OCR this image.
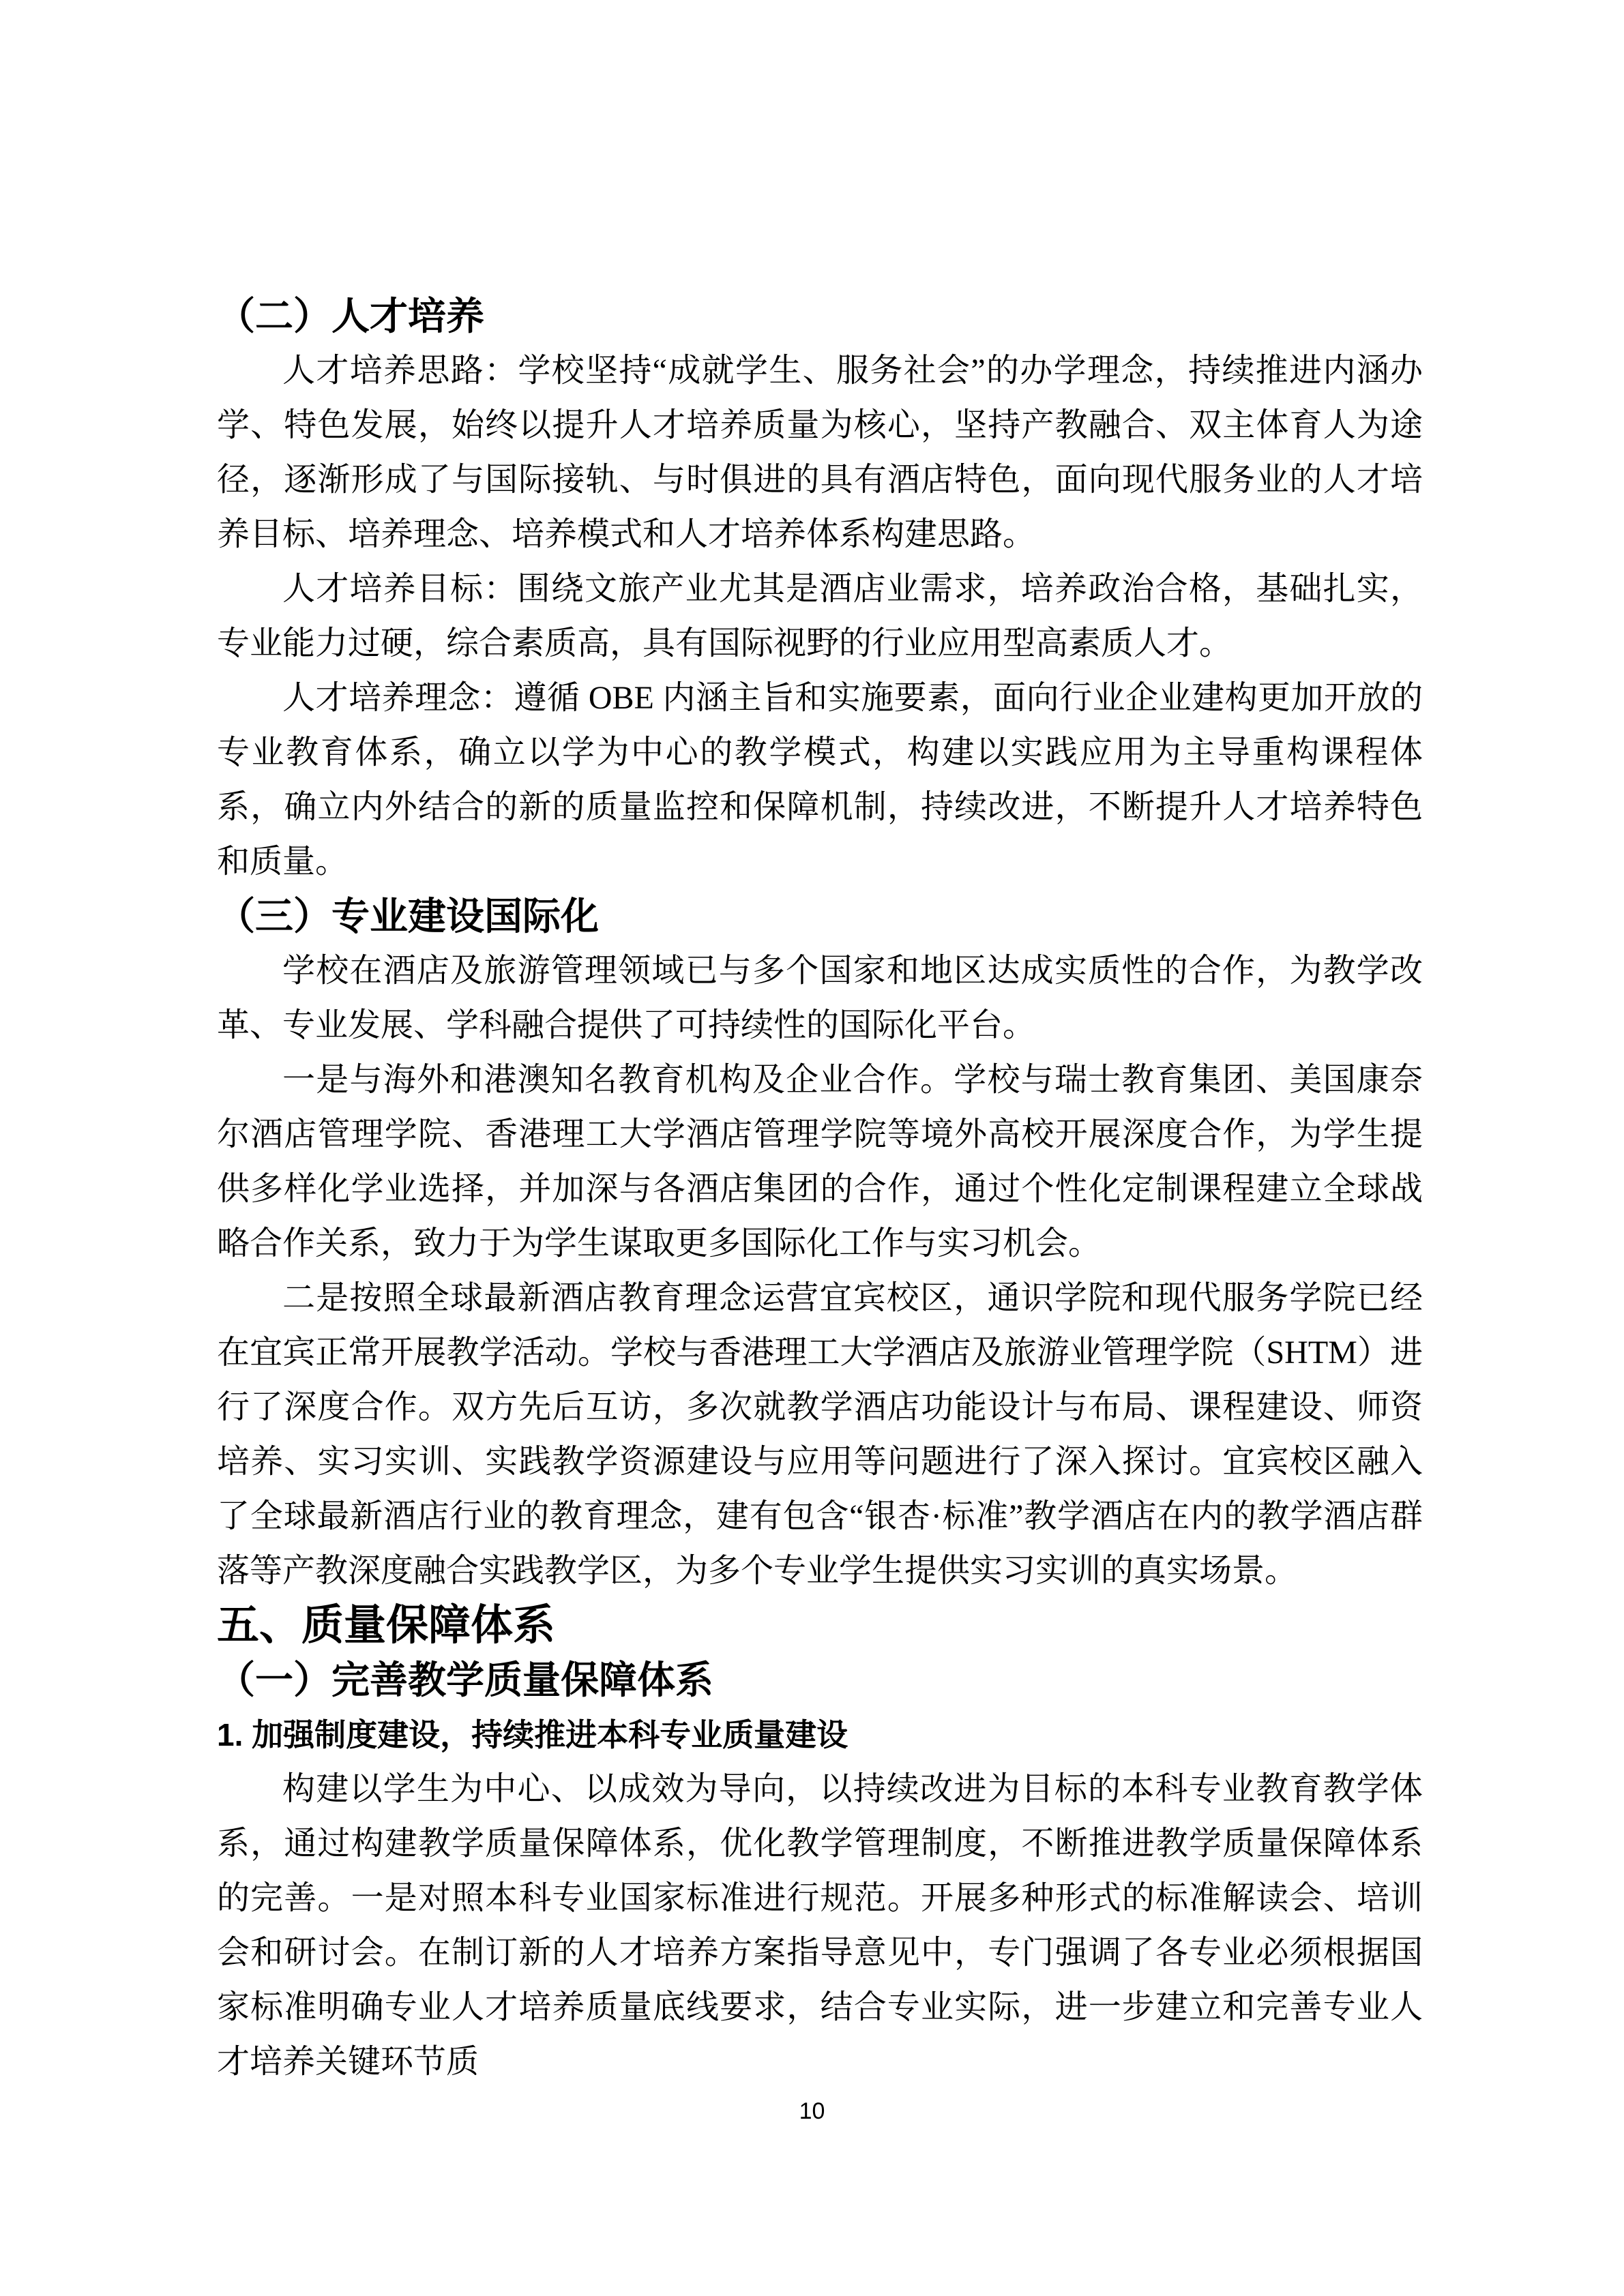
（二）人才培养

人才培养思路：学校坚持“成就学生、服务社会”的办学理念，持续推进内涵办学、特色发展，始终以提升人才培养质量为核心，坚持产教融合、双主体育人为途径，逐渐形成了与国际接轨、与时俱进的具有酒店特色，面向现代服务业的人才培养目标、培养理念、培养模式和人才培养体系构建思路。

人才培养目标：围绕文旅产业尤其是酒店业需求，培养政治合格，基础扎实，专业能力过硬，综合素质高，具有国际视野的行业应用型高素质人才。

人才培养理念：遵循 OBE 内涵主旨和实施要素，面向行业企业建构更加开放的专业教育体系，确立以学为中心的教学模式，构建以实践应用为主导重构课程体系，确立内外结合的新的质量监控和保障机制，持续改进，不断提升人才培养特色和质量。

（三）专业建设国际化

学校在酒店及旅游管理领域已与多个国家和地区达成实质性的合作，为教学改革、专业发展、学科融合提供了可持续性的国际化平台。

一是与海外和港澳知名教育机构及企业合作。学校与瑞士教育集团、美国康奈尔酒店管理学院、香港理工大学酒店管理学院等境外高校开展深度合作，为学生提供多样化学业选择，并加深与各酒店集团的合作，通过个性化定制课程建立全球战略合作关系，致力于为学生谋取更多国际化工作与实习机会。

二是按照全球最新酒店教育理念运营宜宾校区，通识学院和现代服务学院已经在宜宾正常开展教学活动。学校与香港理工大学酒店及旅游业管理学院（SHTM）进行了深度合作。双方先后互访，多次就教学酒店功能设计与布局、课程建设、师资培养、实习实训、实践教学资源建设与应用等问题进行了深入探讨。宜宾校区融入了全球最新酒店行业的教育理念，建有包含“银杏·标准”教学酒店在内的教学酒店群落等产教深度融合实践教学区，为多个专业学生提供实习实训的真实场景。

五、质量保障体系
（一）完善教学质量保障体系
1. 加强制度建设，持续推进本科专业质量建设

构建以学生为中心、以成效为导向，以持续改进为目标的本科专业教育教学体系，通过构建教学质量保障体系，优化教学管理制度，不断推进教学质量保障体系的完善。一是对照本科专业国家标准进行规范。开展多种形式的标准解读会、培训会和研讨会。在制订新的人才培养方案指导意见中，专门强调了各专业必须根据国家标准明确专业人才培养质量底线要求，结合专业实际，进一步建立和完善专业人才培养关键环节质

10
